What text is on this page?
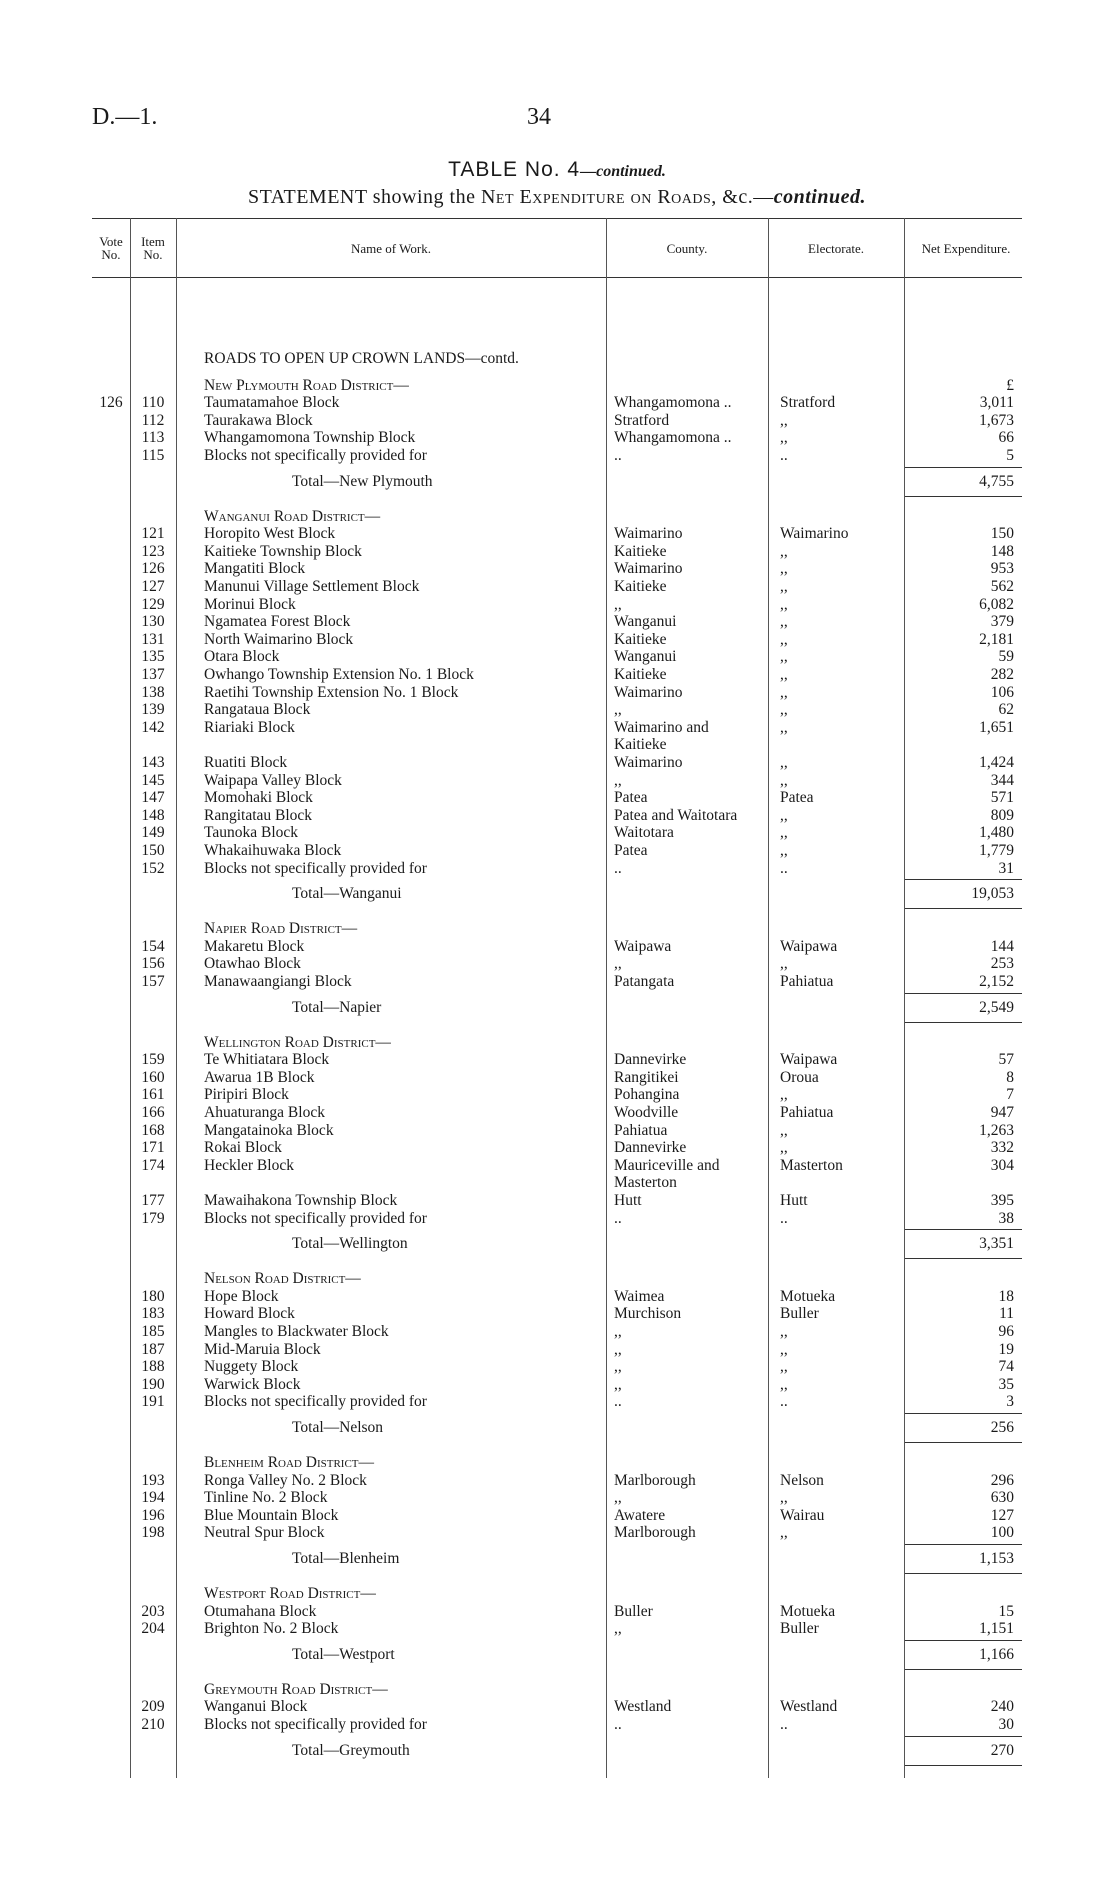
D.—1.	34
TABLE No. 4—continued.
STATEMENT showing the Net Expenditure on Roads, &c.—continued.
Vote No.
Item No.	Name of Work.	County.	Electorate.	Net Expenditure.
ROADS TO OPEN UP CROWN LANDS—contd.
New Plymouth Road District—	£
126	110	Taumatamahoe Block	Whangamomona ..	Stratford	3,011
112	Taurakawa Block	Stratford	,,	1,673
113	Whangamomona Township Block	Whangamomona ..	,,	66
115	Blocks not specifically provided for	..	..	5
Total—New Plymouth	4,755
Wanganui Road District—
121	Horopito West Block	Waimarino	Waimarino	150
123	Kaitieke Township Block	Kaitieke	,,	148
126	Mangatiti Block	Waimarino	,,	953
127	Manunui Village Settlement Block	Kaitieke	,,	562
129	Morinui Block	,,	,,	6,082
130	Ngamatea Forest Block	Wanganui	,,	379
131	North Waimarino Block	Kaitieke	,,	2,181
135	Otara Block	Wanganui	,,	59
137	Owhango Township Extension No. 1 Block	Kaitieke	,,	282
138	Raetihi Township Extension No. 1 Block	Waimarino	,,	106
139	Rangataua Block	,,	,,	62
142	Riariaki Block	Waimarino and	,,	1,651
Kaitieke
143	Ruatiti Block	Waimarino	,,	1,424
145	Waipapa Valley Block	,,	,,	344
147	Momohaki Block	Patea	Patea	571
148	Rangitatau Block	Patea and Waitotara	,,	809
149	Taunoka Block	Waitotara	,,	1,480
150	Whakaihuwaka Block	Patea	,,	1,779
152	Blocks not specifically provided for	..	..	31
Total—Wanganui	19,053
Napier Road District—
154	Makaretu Block	Waipawa	Waipawa	144
156	Otawhao Block	,,	,,	253
157	Manawaangiangi Block	Patangata	Pahiatua	2,152
Total—Napier	2,549
Wellington Road District—
159	Te Whitiatara Block	Dannevirke	Waipawa	57
160	Awarua 1B Block	Rangitikei	Oroua	8
161	Piripiri Block	Pohangina	,,	7
166	Ahuaturanga Block	Woodville	Pahiatua	947
168	Mangatainoka Block	Pahiatua	,,	1,263
171	Rokai Block	Dannevirke	,,	332
174	Heckler Block	Mauriceville and	Masterton	304
Masterton
177	Mawaihakona Township Block	Hutt	Hutt	395
179	Blocks not specifically provided for	..	..	38
Total—Wellington	3,351
Nelson Road District—
180	Hope Block	Waimea	Motueka	18
183	Howard Block	Murchison	Buller	11
185	Mangles to Blackwater Block	,,	,,	96
187	Mid-Maruia Block	,,	,,	19
188	Nuggety Block	,,	,,	74
190	Warwick Block	,,	,,	35
191	Blocks not specifically provided for	..	..	3
Total—Nelson	256
Blenheim Road District—
193	Ronga Valley No. 2 Block	Marlborough	Nelson	296
194	Tinline No. 2 Block	,,	,,	630
196	Blue Mountain Block	Awatere	Wairau	127
198	Neutral Spur Block	Marlborough	,,	100
Total—Blenheim	1,153
Westport Road District—
203	Otumahana Block	Buller	Motueka	15
204	Brighton No. 2 Block	,,	Buller	1,151
Total—Westport	1,166
Greymouth Road District—
209	Wanganui Block	Westland	Westland	240
210	Blocks not specifically provided for	..	..	30
Total—Greymouth	270
